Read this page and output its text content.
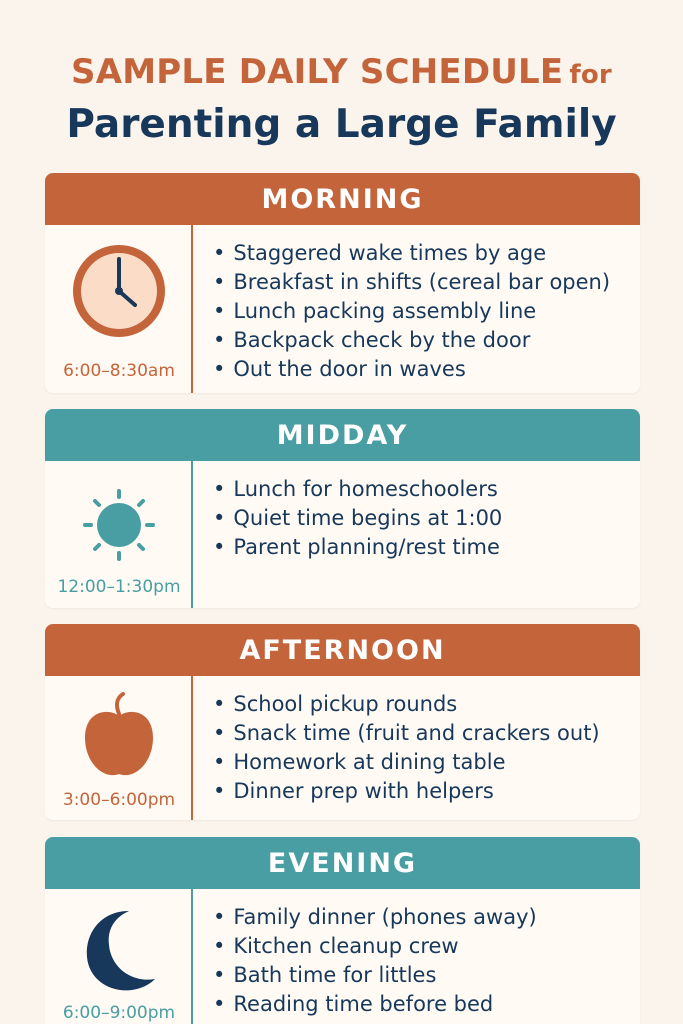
SAMPLE DAILY SCHEDULE for
Parenting a Large Family
MORNING
6:00–8:30am
• Staggered wake times by age
• Breakfast in shifts (cereal bar open)
• Lunch packing assembly line
• Backpack check by the door
• Out the door in waves
MIDDAY
12:00–1:30pm
• Lunch for homeschoolers
• Quiet time begins at 1:00
• Parent planning/rest time
AFTERNOON
3:00–6:00pm
• School pickup rounds
• Snack time (fruit and crackers out)
• Homework at dining table
• Dinner prep with helpers
EVENING
6:00–9:00pm
• Family dinner (phones away)
• Kitchen cleanup crew
• Bath time for littles
• Reading time before bed
